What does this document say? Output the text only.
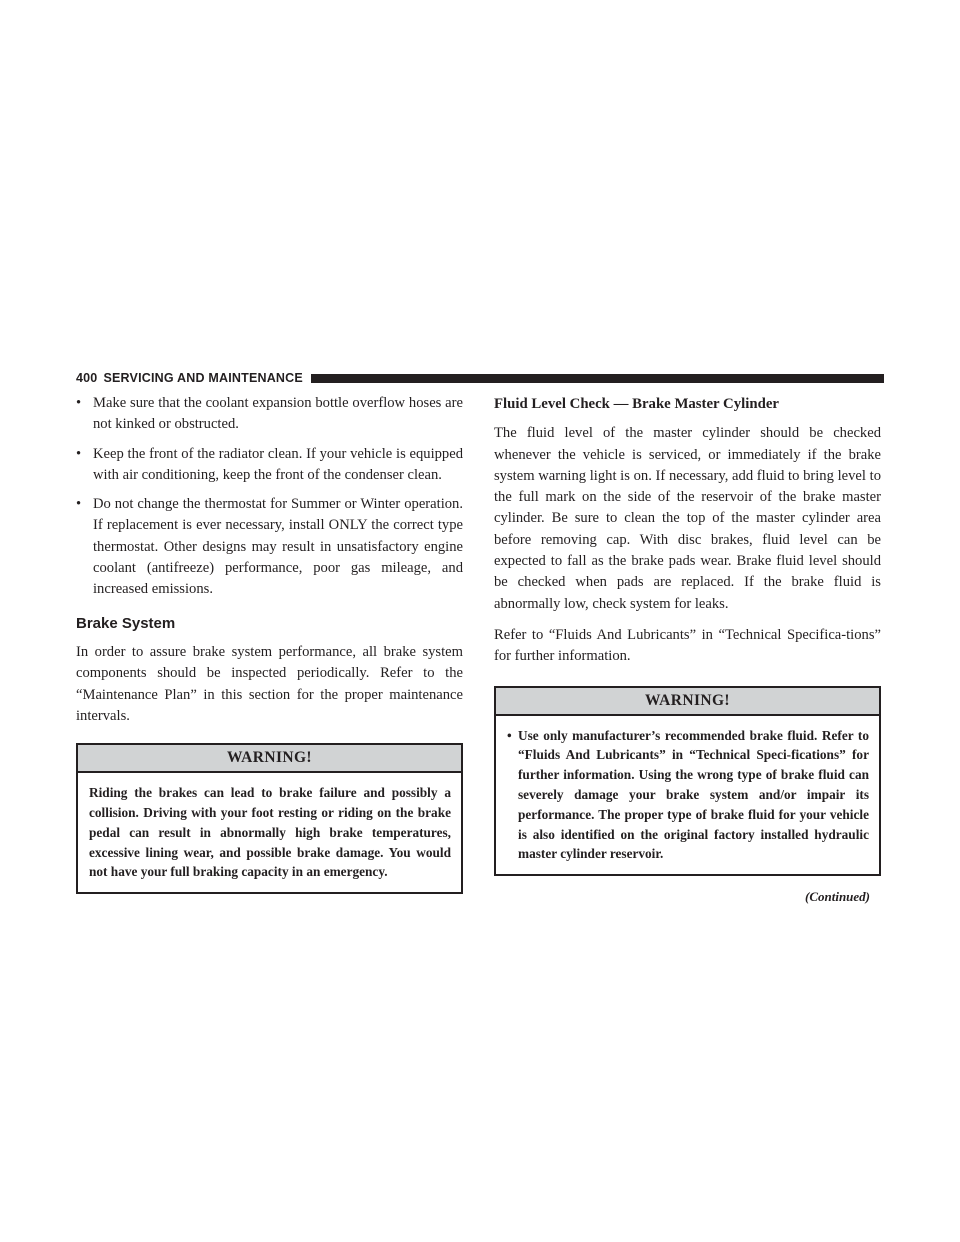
400 SERVICING AND MAINTENANCE
• Make sure that the coolant expansion bottle overflow hoses are not kinked or obstructed.
• Keep the front of the radiator clean. If your vehicle is equipped with air conditioning, keep the front of the condenser clean.
• Do not change the thermostat for Summer or Winter operation. If replacement is ever necessary, install ONLY the correct type thermostat. Other designs may result in unsatisfactory engine coolant (antifreeze) performance, poor gas mileage, and increased emissions.
Brake System

In order to assure brake system performance, all brake system components should be inspected periodically. Refer to the “Maintenance Plan” in this section for the proper maintenance intervals.

WARNING!
Riding the brakes can lead to brake failure and possibly a collision. Driving with your foot resting or riding on the brake pedal can result in abnormally high brake temperatures, excessive lining wear, and possible brake damage. You would not have your full braking capacity in an emergency.
Fluid Level Check — Brake Master Cylinder

The fluid level of the master cylinder should be checked whenever the vehicle is serviced, or immediately if the brake system warning light is on. If necessary, add fluid to bring level to the full mark on the side of the reservoir of the brake master cylinder. Be sure to clean the top of the master cylinder area before removing cap. With disc brakes, fluid level can be expected to fall as the brake pads wear. Brake fluid level should be checked when pads are replaced. If the brake fluid is abnormally low, check system for leaks.

Refer to “Fluids And Lubricants” in “Technical Specifica-tions” for further information.

WARNING!
• Use only manufacturer’s recommended brake fluid. Refer to “Fluids And Lubricants” in “Technical Speci-fications” for further information. Using the wrong type of brake fluid can severely damage your brake system and/or impair its performance. The proper type of brake fluid for your vehicle is also identified on the original factory installed hydraulic master cylinder reservoir.
(Continued)
